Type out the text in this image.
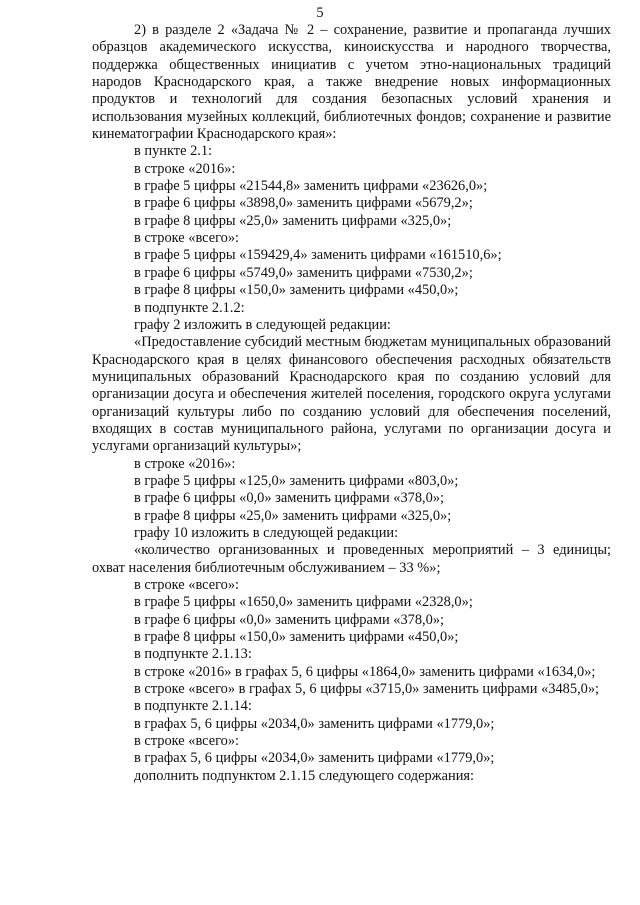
5

2) в разделе 2 «Задача № 2 – сохранение, развитие и пропаганда лучших образцов академического искусства, киноискусства и народного творчества, поддержка общественных инициатив с учетом этно-национальных традиций народов Краснодарского края, а также внедрение новых информационных продуктов и технологий для создания безопасных условий хранения и использования музейных коллекций, библиотечных фондов; сохранение и развитие кинематографии Краснодарского края»:

в пункте 2.1:

в строке «2016»:

в графе 5 цифры «21544,8» заменить цифрами «23626,0»;

в графе 6 цифры «3898,0» заменить цифрами «5679,2»;

в графе 8 цифры «25,0» заменить цифрами «325,0»;

в строке «всего»:

в графе 5 цифры «159429,4» заменить цифрами «161510,6»;

в графе 6 цифры «5749,0» заменить цифрами «7530,2»;

в графе 8 цифры «150,0» заменить цифрами «450,0»;

в подпункте 2.1.2:

графу 2 изложить в следующей редакции:

«Предоставление субсидий местным бюджетам муниципальных образований Краснодарского края в целях финансового обеспечения расходных обязательств муниципальных образований Краснодарского края по созданию условий для организации досуга и обеспечения жителей поселения, городского округа услугами организаций культуры либо по созданию условий для обеспечения поселений, входящих в состав муниципального района, услугами по организации досуга и услугами организаций культуры»;

в строке «2016»:

в графе 5 цифры «125,0» заменить цифрами «803,0»;

в графе 6 цифры «0,0» заменить цифрами «378,0»;

в графе 8 цифры «25,0» заменить цифрами «325,0»;

графу 10 изложить в следующей редакции:

«количество организованных и проведенных мероприятий – 3 единицы; охват населения библиотечным обслуживанием – 33 %»;

в строке «всего»:

в графе 5 цифры «1650,0» заменить цифрами «2328,0»;

в графе 6 цифры «0,0» заменить цифрами «378,0»;

в графе 8 цифры «150,0» заменить цифрами «450,0»;

в подпункте 2.1.13:

в строке «2016» в графах 5, 6 цифры «1864,0» заменить цифрами «1634,0»;

в строке «всего» в графах 5, 6 цифры «3715,0» заменить цифрами «3485,0»;

в подпункте 2.1.14:

в графах 5, 6 цифры «2034,0» заменить цифрами «1779,0»;

в строке «всего»:

в графах 5, 6 цифры «2034,0» заменить цифрами «1779,0»;

дополнить подпунктом 2.1.15 следующего содержания:
